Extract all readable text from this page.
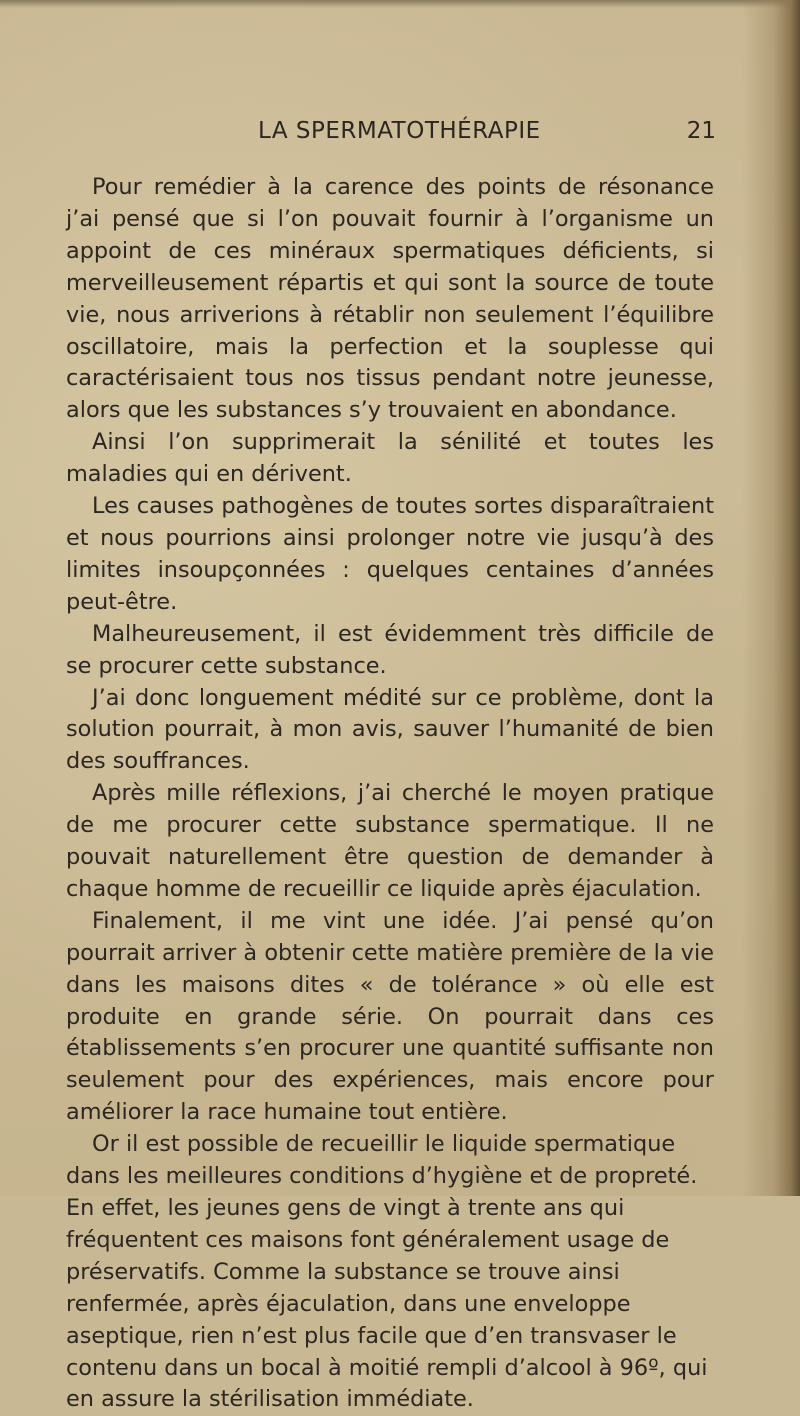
LA SPERMATOTHÉRAPIE	21

Pour remédier à la carence des points de résonance j’ai pensé que si l’on pouvait fournir à l’organisme un appoint de ces minéraux spermatiques déficients, si merveilleusement répartis et qui sont la source de toute vie, nous arriverions à rétablir non seulement l’équilibre oscillatoire, mais la perfection et la souplesse qui caractérisaient tous nos tissus pendant notre jeunesse, alors que les substances s’y trouvaient en abondance.

Ainsi l’on supprimerait la sénilité et toutes les maladies qui en dérivent.

Les causes pathogènes de toutes sortes disparaîtraient et nous pourrions ainsi prolonger notre vie jusqu’à des limites insoupçonnées : quelques centaines d’années peut-être.

Malheureusement, il est évidemment très difficile de se procurer cette substance.

J’ai donc longuement médité sur ce problème, dont la solution pourrait, à mon avis, sauver l’humanité de bien des souffrances.

Après mille réflexions, j’ai cherché le moyen pratique de me procurer cette substance spermatique. Il ne pouvait naturellement être question de demander à chaque homme de recueillir ce liquide après éjaculation.

Finalement, il me vint une idée. J’ai pensé qu’on pourrait arriver à obtenir cette matière première de la vie dans les maisons dites « de tolérance » où elle est produite en grande série. On pourrait dans ces établissements s’en procurer une quantité suffisante non seulement pour des expériences, mais encore pour améliorer la race humaine tout entière.

Or il est possible de recueillir le liquide spermatique dans les meilleures conditions d’hygiène et de propreté. En effet, les jeunes gens de vingt à trente ans qui fréquentent ces maisons font généralement usage de préservatifs. Comme la substance se trouve ainsi renfermée, après éjaculation, dans une enveloppe aseptique, rien n’est plus facile que d’en transvaser le contenu dans un bocal à moitié rempli d’alcool à 96º, qui en assure la stérilisation immédiate.
